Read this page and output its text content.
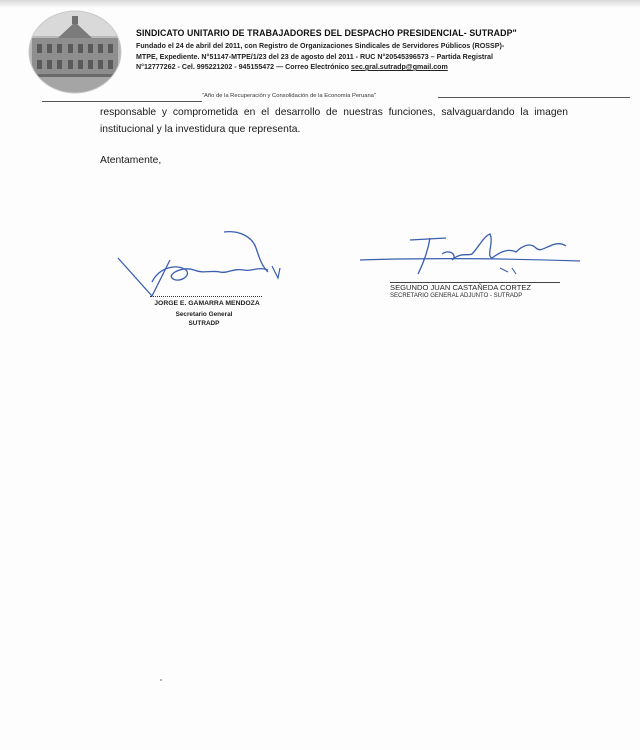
SINDICATO UNITARIO DE TRABAJADORES DEL DESPACHO PRESIDENCIAL- SUTRADP"
Fundado el 24 de abril del 2011, con Registro de Organizaciones Sindicales de Servidores Públicos (ROSSP)-
MTPE, Expediente. N°51147-MTPE/1/23 del 23 de agosto del 2011 - RUC N°20545396573 – Partida Registral
N°12777262 - Cel. 995221202 - 945155472 — Correo Electrónico sec.gral.sutradp@gmail.com
"Año de la Recuperación y Consolidación de la Economía Peruana"
responsable y comprometida en el desarrollo de nuestras funciones, salvaguardando la imagen institucional y la investidura que representa.
Atentamente,
JORGE E. GAMARRA MENDOZA
Secretario General
SUTRADP
SEGUNDO JUAN CASTAÑEDA CORTEZ
SECRETARIO GENERAL ADJUNTO - SUTRADP
